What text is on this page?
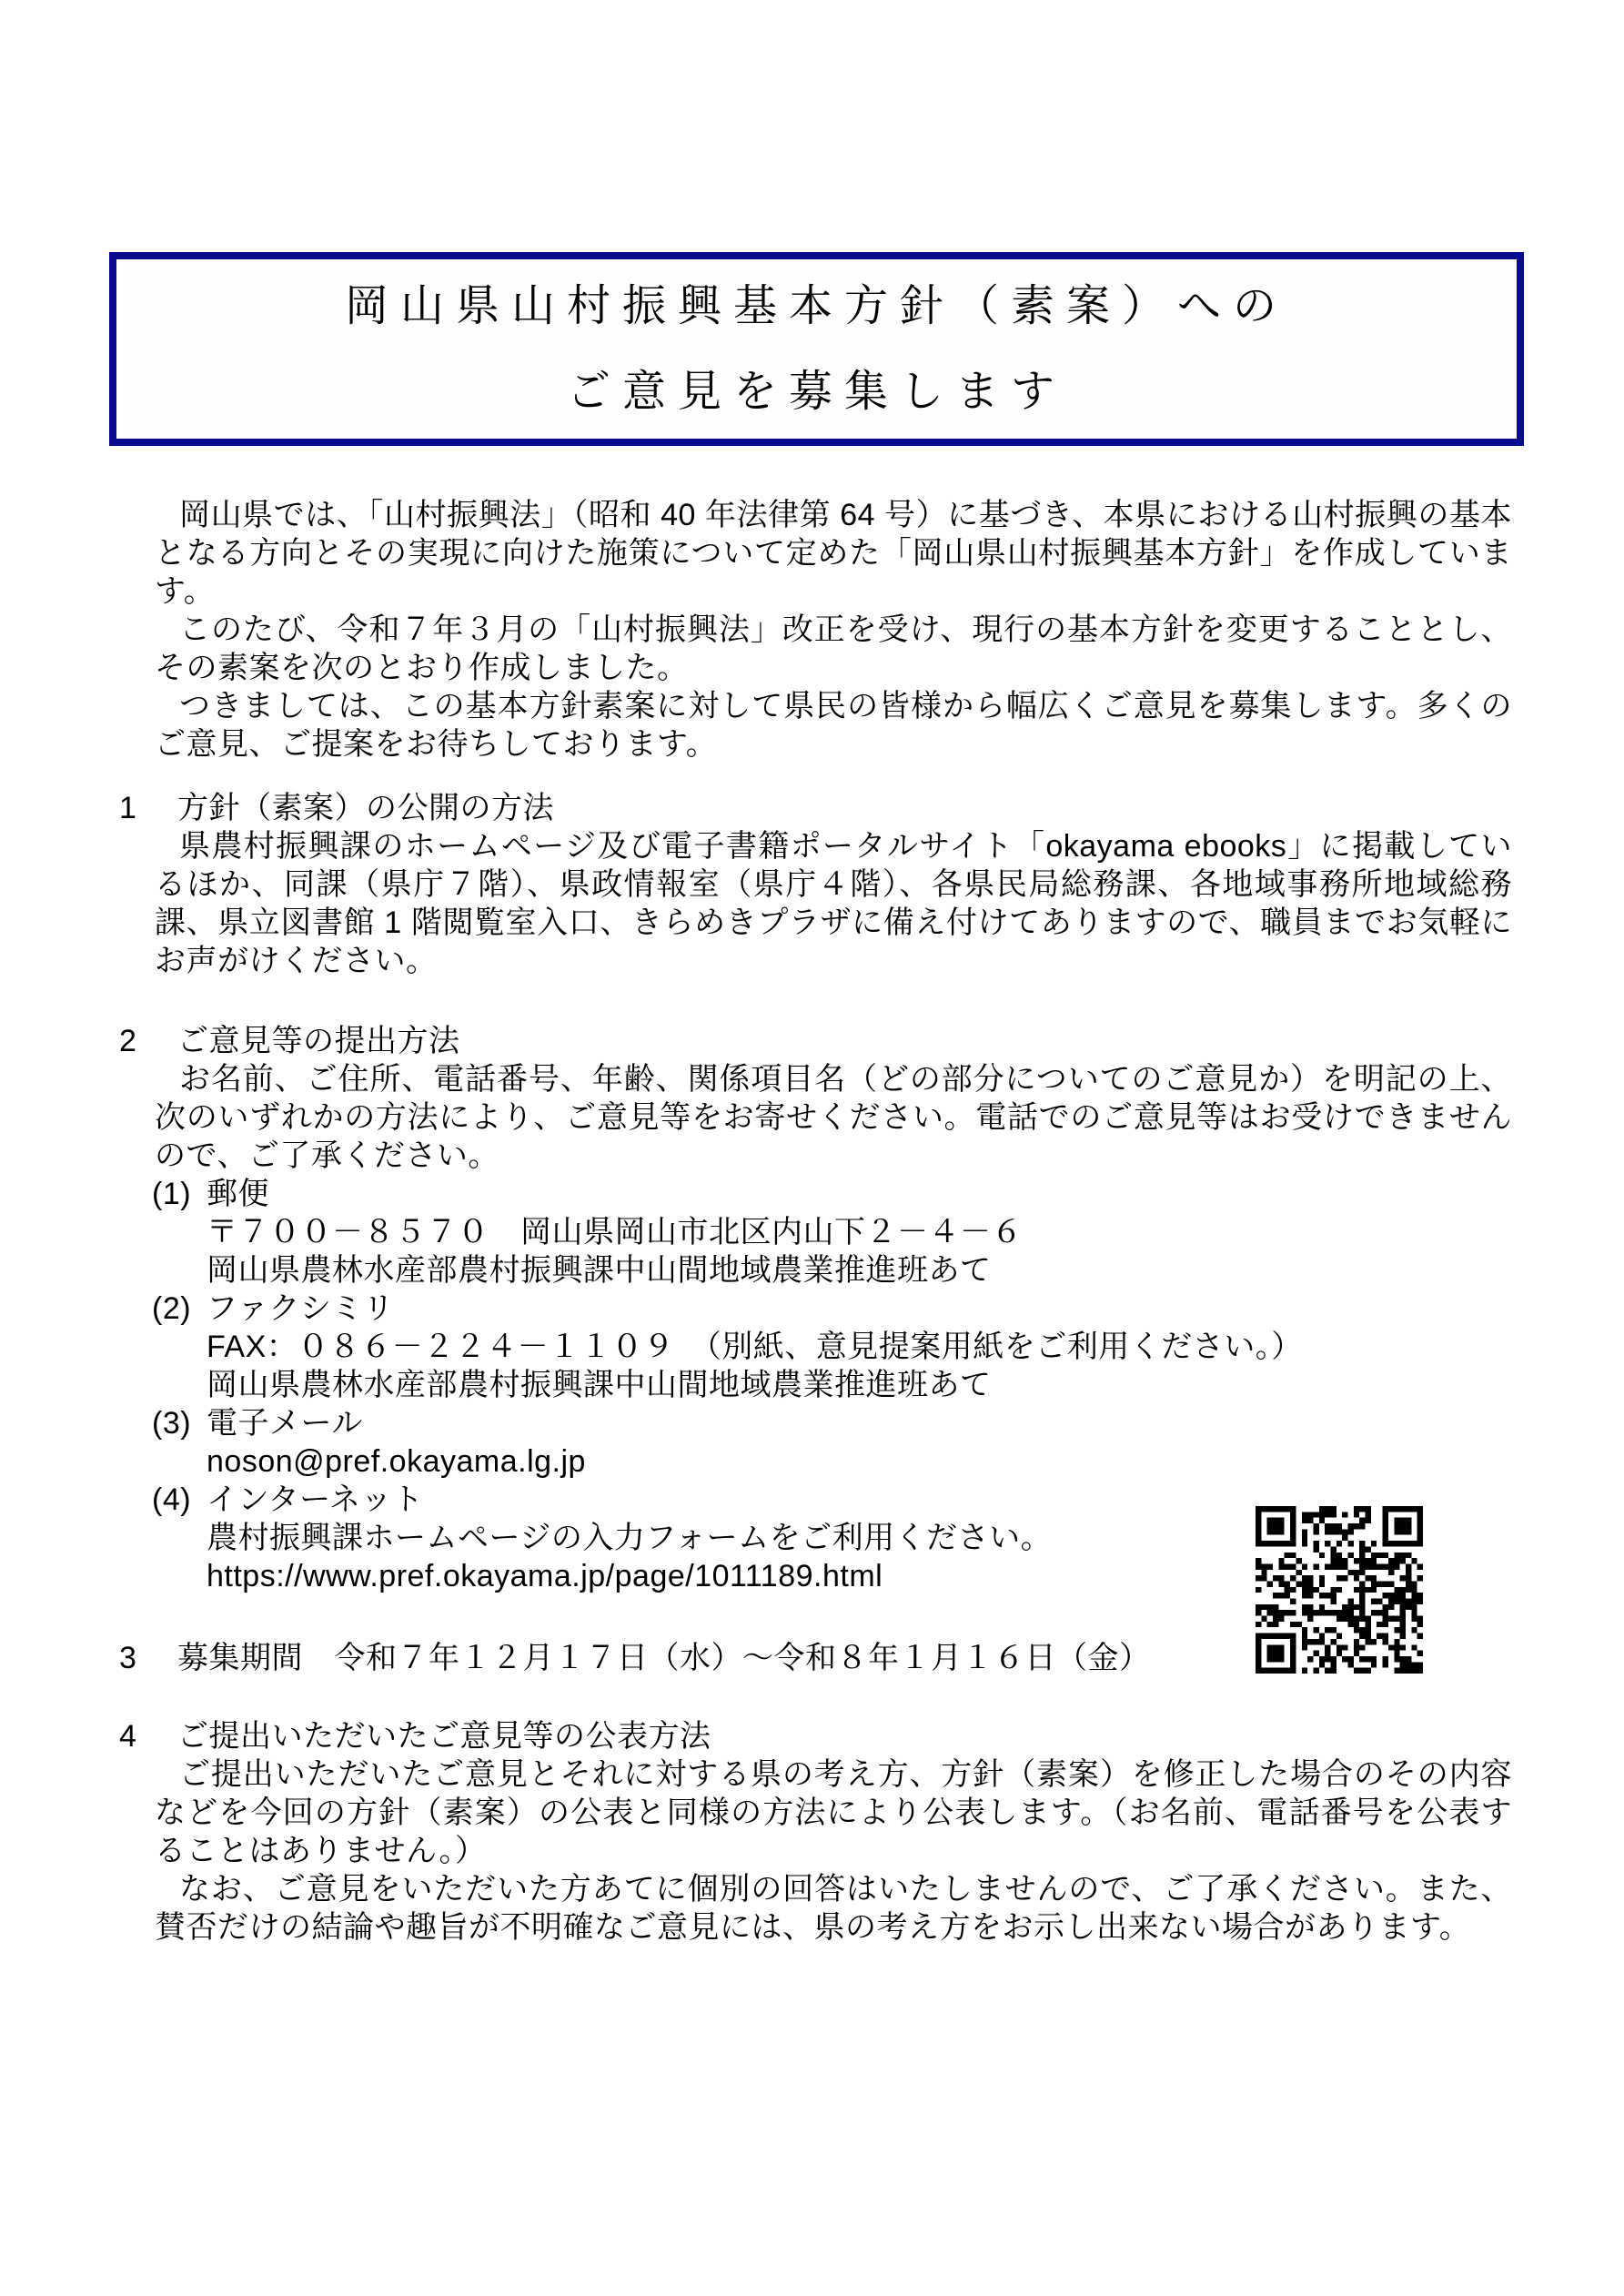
岡山県山村振興基本方針（素案）への
ご意見を募集します
岡山県では、「山村振興法」（昭和 40 年法律第 64 号）に基づき、本県における山村振興の基本となる方向とその実現に向けた施策について定めた「岡山県山村振興基本方針」を作成しています。
このたび、令和７年３月の「山村振興法」改正を受け、現行の基本方針を変更することとし、その素案を次のとおり作成しました。
つきましては、この基本方針素案に対して県民の皆様から幅広くご意見を募集します。多くのご意見、ご提案をお待ちしております。
1 方針（素案）の公開の方法
県農村振興課のホームページ及び電子書籍ポータルサイト「okayama ebooks」に掲載しているほか、同課（県庁７階）、県政情報室（県庁４階）、各県民局総務課、各地域事務所地域総務課、県立図書館 1 階閲覧室入口、きらめきプラザに備え付けてありますので、職員までお気軽にお声がけください。
2 ご意見等の提出方法
お名前、ご住所、電話番号、年齢、関係項目名（どの部分についてのご意見か）を明記の上、次のいずれかの方法により、ご意見等をお寄せください。電話でのご意見等はお受けできませんので、ご了承ください。
(1) 郵便
〒７００－８５７０　岡山県岡山市北区内山下２－４－６
岡山県農林水産部農村振興課中山間地域農業推進班あて
(2) ファクシミリ
FAX：０８６－２２４－１１０９　（別紙、意見提案用紙をご利用ください。）
岡山県農林水産部農村振興課中山間地域農業推進班あて
(3) 電子メール
noson@pref.okayama.lg.jp
(4) インターネット
農村振興課ホームページの入力フォームをご利用ください。
https://www.pref.okayama.jp/page/1011189.html
3 募集期間　令和７年１２月１７日（水）～令和８年１月１６日（金）
4 ご提出いただいたご意見等の公表方法
ご提出いただいたご意見とそれに対する県の考え方、方針（素案）を修正した場合のその内容などを今回の方針（素案）の公表と同様の方法により公表します。（お名前、電話番号を公表することはありません。）
なお、ご意見をいただいた方あてに個別の回答はいたしませんので、ご了承ください。また、賛否だけの結論や趣旨が不明確なご意見には、県の考え方をお示し出来ない場合があります。
